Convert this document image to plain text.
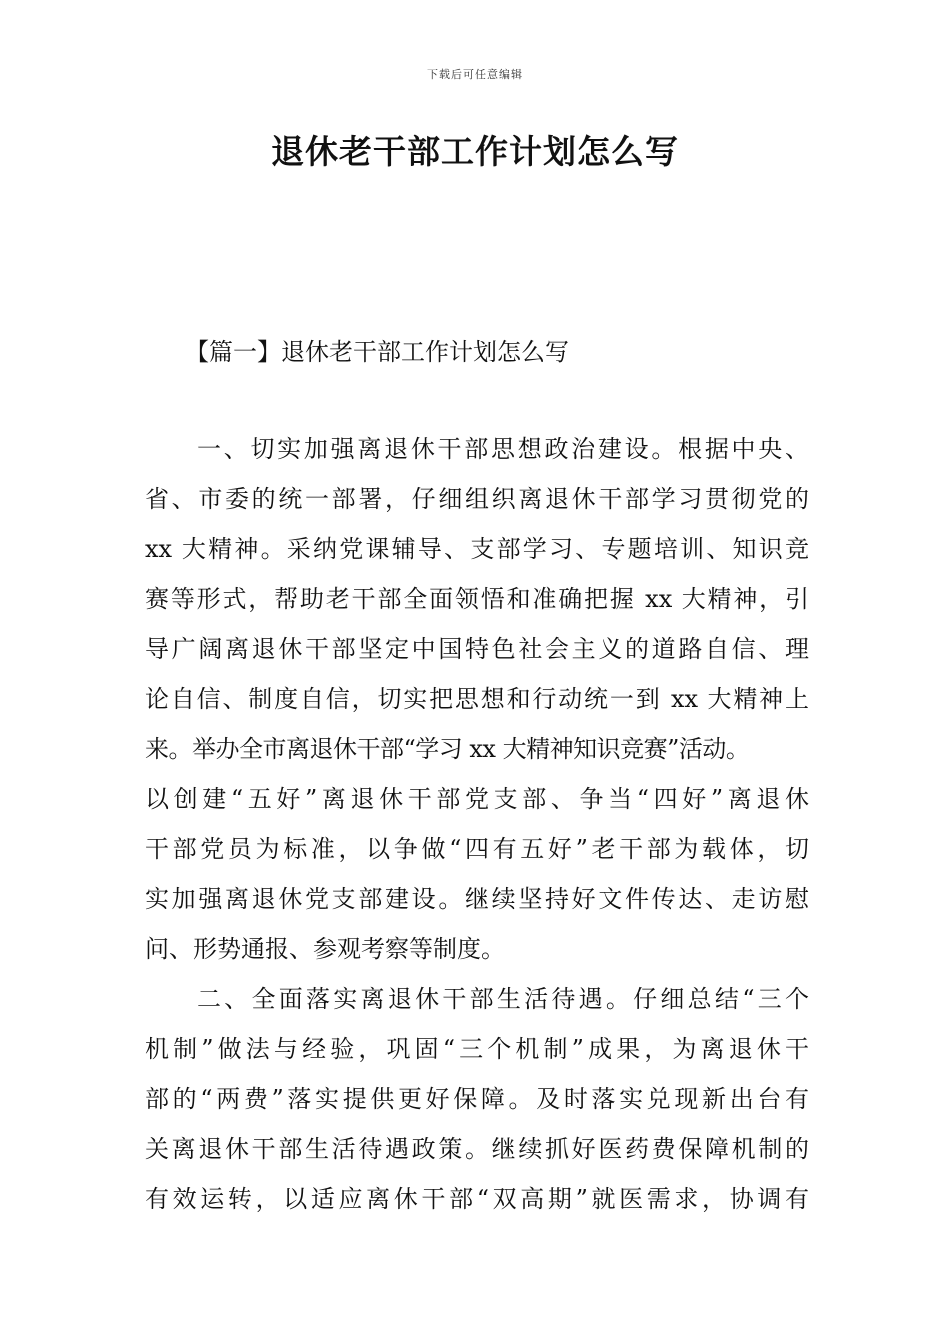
下载后可任意编辑
退休老干部工作计划怎么写
【篇一】退休老干部工作计划怎么写
一、切实加强离退休干部思想政治建设。根据中央、
省、市委的统一部署，仔细组织离退休干部学习贯彻党的
xx 大精神。采纳党课辅导、支部学习、专题培训、知识竞
赛等形式，帮助老干部全面领悟和准确把握 xx 大精神，引
导广阔离退休干部坚定中国特色社会主义的道路自信、理
论自信、制度自信，切实把思想和行动统一到 xx 大精神上
来。举办全市离退休干部“学习 xx 大精神知识竞赛”活动。
以创建“五好”离退休干部党支部、争当“四好”离退休
干部党员为标准，以争做“四有五好”老干部为载体，切
实加强离退休党支部建设。继续坚持好文件传达、走访慰
问、形势通报、参观考察等制度。
二、全面落实离退休干部生活待遇。仔细总结“三个
机制”做法与经验，巩固“三个机制”成果，为离退休干
部的“两费”落实提供更好保障。及时落实兑现新出台有
关离退休干部生活待遇政策。继续抓好医药费保障机制的
有效运转，以适应离休干部“双高期”就医需求，协调有
